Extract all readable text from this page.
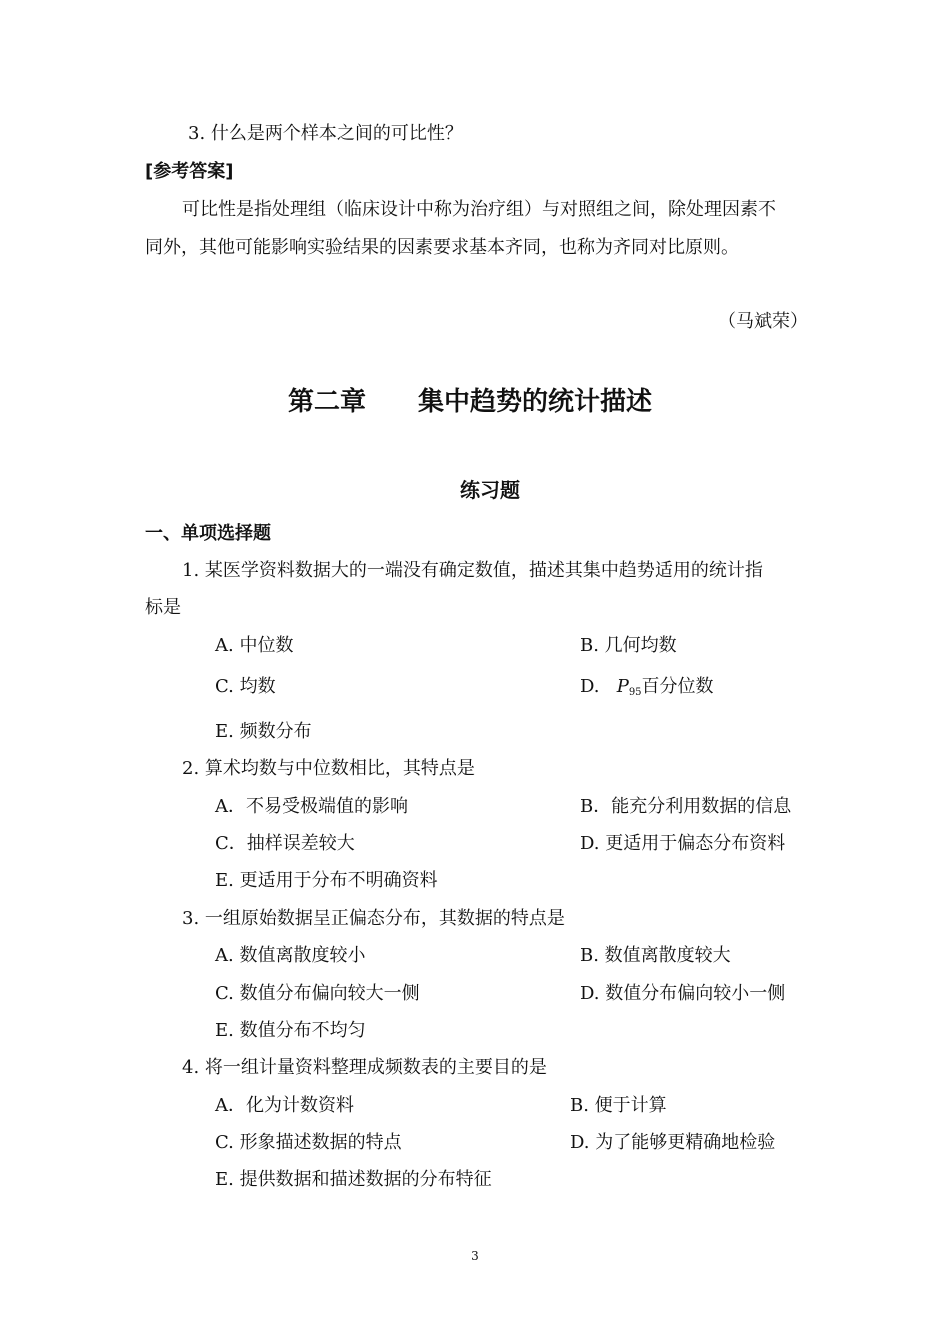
3. 什么是两个样本之间的可比性？
[参考答案]
可比性是指处理组（临床设计中称为治疗组）与对照组之间，除处理因素不
同外，其他可能影响实验结果的因素要求基本齐同，也称为齐同对比原则。
（马斌荣）
第二章　　集中趋势的统计描述
练习题
一、单项选择题
1. 某医学资料数据大的一端没有确定数值，描述其集中趋势适用的统计指
标是
A. 中位数	B. 几何均数
C. 均数	D. $P_{95}$百分位数
E. 频数分布
2. 算术均数与中位数相比，其特点是
A．不易受极端值的影响	B．能充分利用数据的信息
C．抽样误差较大	D. 更适用于偏态分布资料
E. 更适用于分布不明确资料
3. 一组原始数据呈正偏态分布，其数据的特点是
A. 数值离散度较小	B. 数值离散度较大
C. 数值分布偏向较大一侧	D. 数值分布偏向较小一侧
E. 数值分布不均匀
4. 将一组计量资料整理成频数表的主要目的是
A．化为计数资料	B. 便于计算
C. 形象描述数据的特点	D. 为了能够更精确地检验
E. 提供数据和描述数据的分布特征
3
